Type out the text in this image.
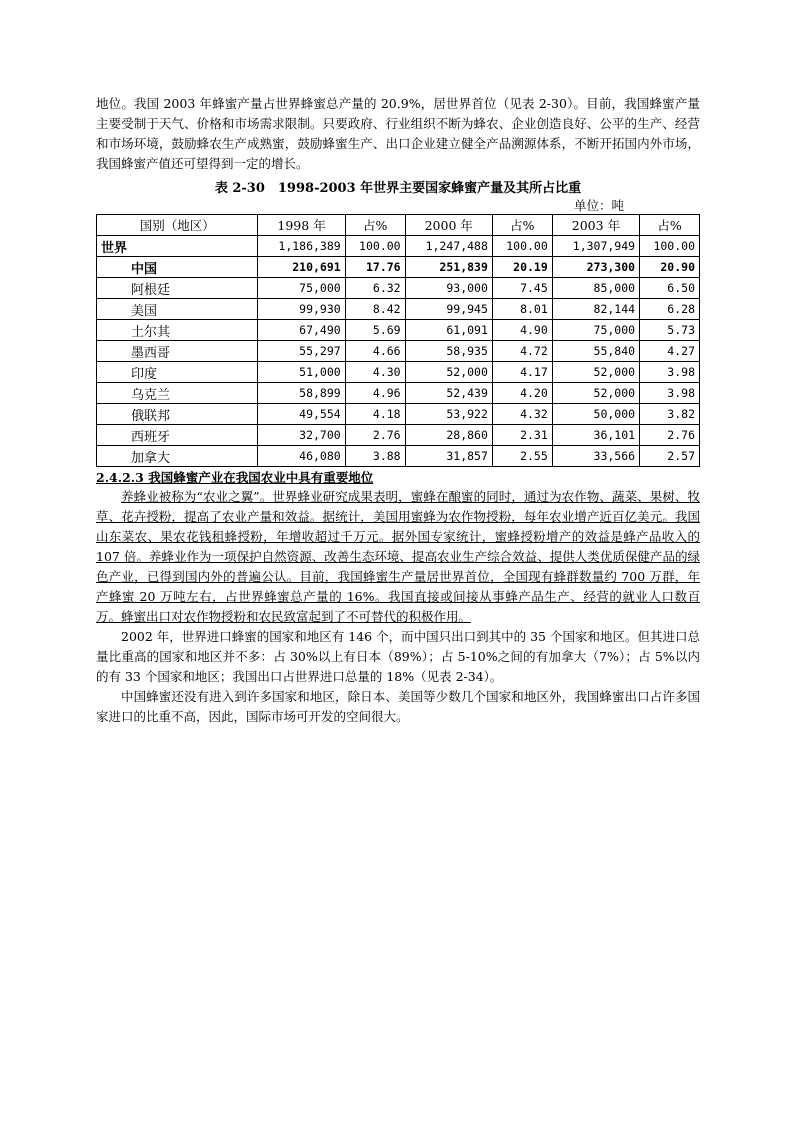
地位。我国 2003 年蜂蜜产量占世界蜂蜜总产量的 20.9%，居世界首位（见表 2-30）。目前，我国蜂蜜产量主要受制于天气、价格和市场需求限制。只要政府、行业组织不断为蜂农、企业创造良好、公平的生产、经营和市场环境，鼓励蜂农生产成熟蜜，鼓励蜂蜜生产、出口企业建立健全产品溯源体系，不断开拓国内外市场，我国蜂蜜产值还可望得到一定的增长。

表 2-30　1998-2003 年世界主要国家蜂蜜产量及其所占比重
单位：吨
国别（地区）	1998 年	占%	2000 年	占%	2003 年	占%
世界	1,186,389	100.00	1,247,488	100.00	1,307,949	100.00
中国	210,691	17.76	251,839	20.19	273,300	20.90
阿根廷	75,000	6.32	93,000	7.45	85,000	6.50
美国	99,930	8.42	99,945	8.01	82,144	6.28
土尔其	67,490	5.69	61,091	4.90	75,000	5.73
墨西哥	55,297	4.66	58,935	4.72	55,840	4.27
印度	51,000	4.30	52,000	4.17	52,000	3.98
乌克兰	58,899	4.96	52,439	4.20	52,000	3.98
俄联邦	49,554	4.18	53,922	4.32	50,000	3.82
西班牙	32,700	2.76	28,860	2.31	36,101	2.76
加拿大	46,080	3.88	31,857	2.55	33,566	2.57
2.4.2.3 我国蜂蜜产业在我国农业中具有重要地位

养蜂业被称为“农业之翼”。世界蜂业研究成果表明，蜜蜂在酿蜜的同时，通过为农作物、蔬菜、果树、牧草、花卉授粉，提高了农业产量和效益。据统计，美国用蜜蜂为农作物授粉，每年农业增产近百亿美元。我国山东菜农、果农花钱租蜂授粉，年增收超过千万元。据外国专家统计，蜜蜂授粉增产的效益是蜂产品收入的 107 倍。养蜂业作为一项保护自然资源、改善生态环境、提高农业生产综合效益、提供人类优质保健产品的绿色产业，已得到国内外的普遍公认。目前，我国蜂蜜生产量居世界首位，全国现有蜂群数量约 700 万群，年产蜂蜜 20 万吨左右，占世界蜂蜜总产量的 16%。我国直接或间接从事蜂产品生产、经营的就业人口数百万。蜂蜜出口对农作物授粉和农民致富起到了不可替代的积极作用。

2002 年，世界进口蜂蜜的国家和地区有 146 个，而中国只出口到其中的 35 个国家和地区。但其进口总量比重高的国家和地区并不多：占 30%以上有日本（89%）；占 5-10%之间的有加拿大（7%）；占 5%以内的有 33 个国家和地区；我国出口占世界进口总量的 18%（见表 2-34）。

中国蜂蜜还没有进入到许多国家和地区，除日本、美国等少数几个国家和地区外，我国蜂蜜出口占许多国家进口的比重不高，因此，国际市场可开发的空间很大。
